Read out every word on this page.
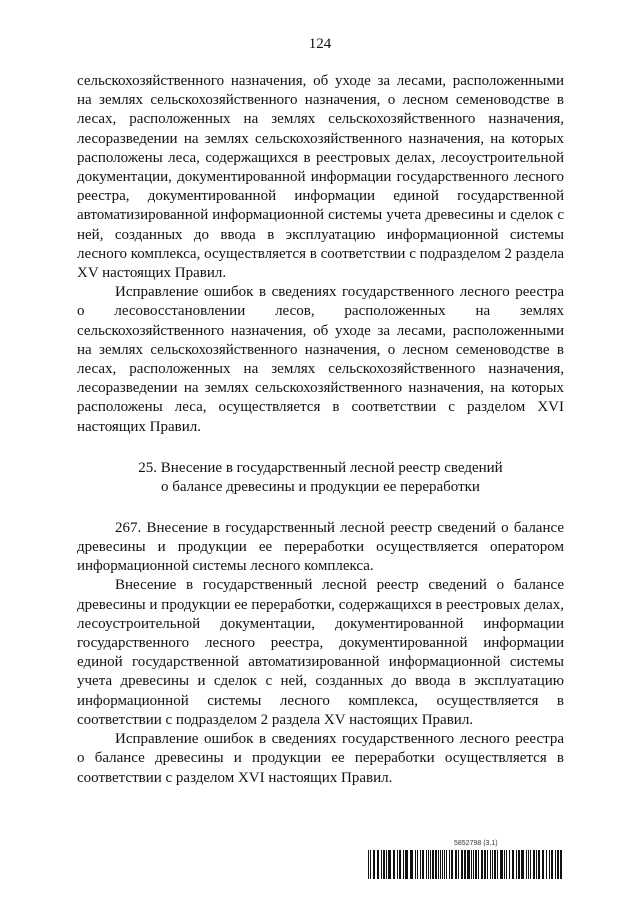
124

сельскохозяйственного назначения, об уходе за лесами, расположенными на землях сельскохозяйственного назначения, о лесном семеноводстве в лесах, расположенных на землях сельскохозяйственного назначения, лесоразведении на землях сельскохозяйственного назначения, на которых расположены леса, содержащихся в реестровых делах, лесоустроительной документации, документированной информации государственного лесного реестра, документированной информации единой государственной автоматизированной информационной системы учета древесины и сделок с ней, созданных до ввода в эксплуатацию информационной системы лесного комплекса, осуществляется в соответствии с подразделом 2 раздела XV настоящих Правил.

Исправление ошибок в сведениях государственного лесного реестра о лесовосстановлении лесов, расположенных на землях сельскохозяйственного назначения, об уходе за лесами, расположенными на землях сельскохозяйственного назначения, о лесном семеноводстве в лесах, расположенных на землях сельскохозяйственного назначения, лесоразведении на землях сельскохозяйственного назначения, на которых расположены леса, осуществляется в соответствии с разделом XVI настоящих Правил.

25. Внесение в государственный лесной реестр сведений
о балансе древесины и продукции ее переработки

267. Внесение в государственный лесной реестр сведений о балансе древесины и продукции ее переработки осуществляется оператором информационной системы лесного комплекса.

Внесение в государственный лесной реестр сведений о балансе древесины и продукции ее переработки, содержащихся в реестровых делах, лесоустроительной документации, документированной информации государственного лесного реестра, документированной информации единой государственной автоматизированной информационной системы учета древесины и сделок с ней, созданных до ввода в эксплуатацию информационной системы лесного комплекса, осуществляется в соответствии с подразделом 2 раздела XV настоящих Правил.

Исправление ошибок в сведениях государственного лесного реестра о балансе древесины и продукции ее переработки осуществляется в соответствии с разделом XVI настоящих Правил.

5852798 (3.1)
